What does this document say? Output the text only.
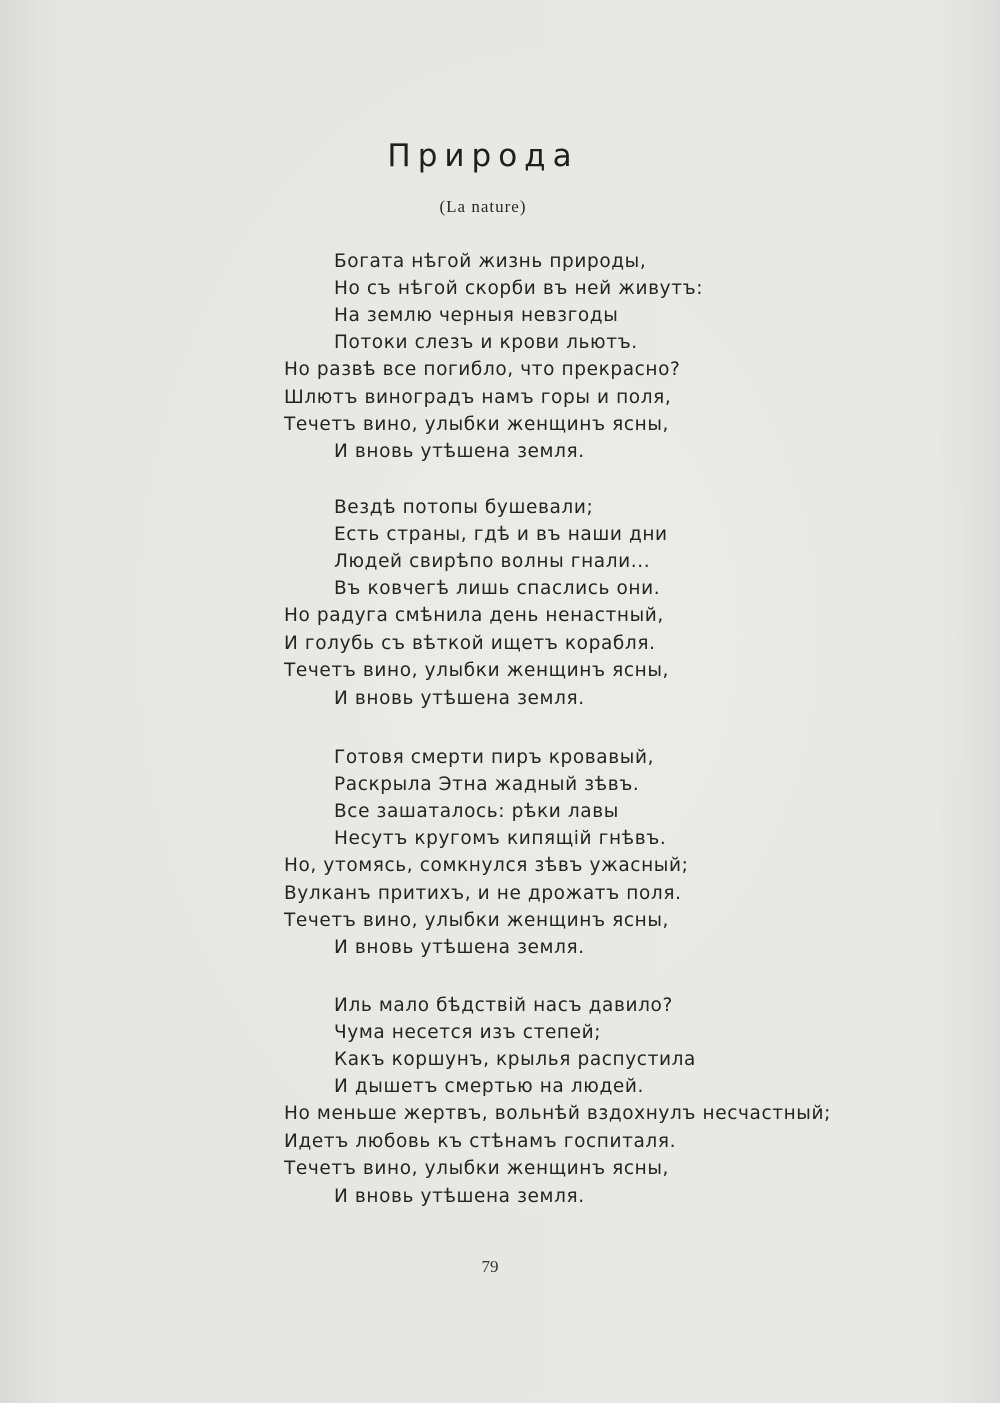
Природа
(La nature)
Богата нѣгой жизнь природы,
Но съ нѣгой скорби въ ней живутъ:
На землю черныя невзгоды
Потоки слезъ и крови льютъ.
Но развѣ все погибло, что прекрасно?
Шлютъ виноградъ намъ горы и поля,
Течетъ вино, улыбки женщинъ ясны,
И вновь утѣшена земля.
Вездѣ потопы бушевали;
Есть страны, гдѣ и въ наши дни
Людей свирѣпо волны гнали...
Въ ковчегѣ лишь спаслись они.
Но радуга смѣнила день ненастный,
И голубь съ вѣткой ищетъ корабля.
Течетъ вино, улыбки женщинъ ясны,
И вновь утѣшена земля.
Готовя смерти пиръ кровавый,
Раскрыла Этна жадный зѣвъ.
Все зашаталось: рѣки лавы
Несутъ кругомъ кипящій гнѣвъ.
Но, утомясь, сомкнулся зѣвъ ужасный;
Вулканъ притихъ, и не дрожатъ поля.
Течетъ вино, улыбки женщинъ ясны,
И вновь утѣшена земля.
Иль мало бѣдствій насъ давило?
Чума несется изъ степей;
Какъ коршунъ, крылья распустила
И дышетъ смертью на людей.
Но меньше жертвъ, вольнѣй вздохнулъ несчастный;
Идетъ любовь къ стѣнамъ госпиталя.
Течетъ вино, улыбки женщинъ ясны,
И вновь утѣшена земля.
79
